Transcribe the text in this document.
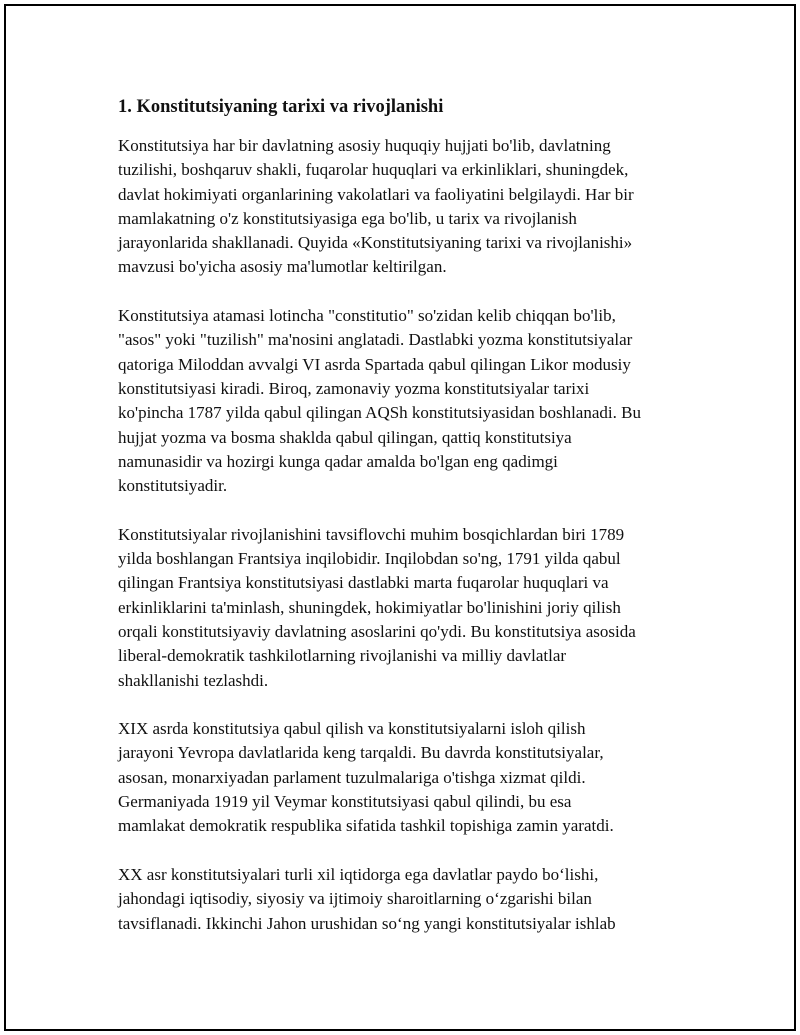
1. Konstitutsiyaning tarixi va rivojlanishi
Konstitutsiya har bir davlatning asosiy huquqiy hujjati bo'lib, davlatning
tuzilishi, boshqaruv shakli, fuqarolar huquqlari va erkinliklari, shuningdek,
davlat hokimiyati organlarining vakolatlari va faoliyatini belgilaydi. Har bir
mamlakatning o'z konstitutsiyasiga ega bo'lib, u tarix va rivojlanish
jarayonlarida shakllanadi. Quyida «Konstitutsiyaning tarixi va rivojlanishi»
mavzusi bo'yicha asosiy ma'lumotlar keltirilgan.
Konstitutsiya atamasi lotincha "constitutio" so'zidan kelib chiqqan bo'lib,
"asos" yoki "tuzilish" ma'nosini anglatadi. Dastlabki yozma konstitutsiyalar
qatoriga Miloddan avvalgi VI asrda Spartada qabul qilingan Likor modusiy
konstitutsiyasi kiradi. Biroq, zamonaviy yozma konstitutsiyalar tarixi
ko'pincha 1787 yilda qabul qilingan AQSh konstitutsiyasidan boshlanadi. Bu
hujjat yozma va bosma shaklda qabul qilingan, qattiq konstitutsiya
namunasidir va hozirgi kunga qadar amalda bo'lgan eng qadimgi
konstitutsiyadir.
Konstitutsiyalar rivojlanishini tavsiflovchi muhim bosqichlardan biri 1789
yilda boshlangan Frantsiya inqilobidir. Inqilobdan so'ng, 1791 yilda qabul
qilingan Frantsiya konstitutsiyasi dastlabki marta fuqarolar huquqlari va
erkinliklarini ta'minlash, shuningdek, hokimiyatlar bo'linishini joriy qilish
orqali konstitutsiyaviy davlatning asoslarini qo'ydi. Bu konstitutsiya asosida
liberal-demokratik tashkilotlarning rivojlanishi va milliy davlatlar
shakllanishi tezlashdi.
XIX asrda konstitutsiya qabul qilish va konstitutsiyalarni isloh qilish
jarayoni Yevropa davlatlarida keng tarqaldi. Bu davrda konstitutsiyalar,
asosan, monarxiyadan parlament tuzulmalariga o'tishga xizmat qildi.
Germaniyada 1919 yil Veymar konstitutsiyasi qabul qilindi, bu esa
mamlakat demokratik respublika sifatida tashkil topishiga zamin yaratdi.
XX asr konstitutsiyalari turli xil iqtidorga ega davlatlar paydo bo‘lishi,
jahondagi iqtisodiy, siyosiy va ijtimoiy sharoitlarning o‘zgarishi bilan
tavsiflanadi. Ikkinchi Jahon urushidan so‘ng yangi konstitutsiyalar ishlab
